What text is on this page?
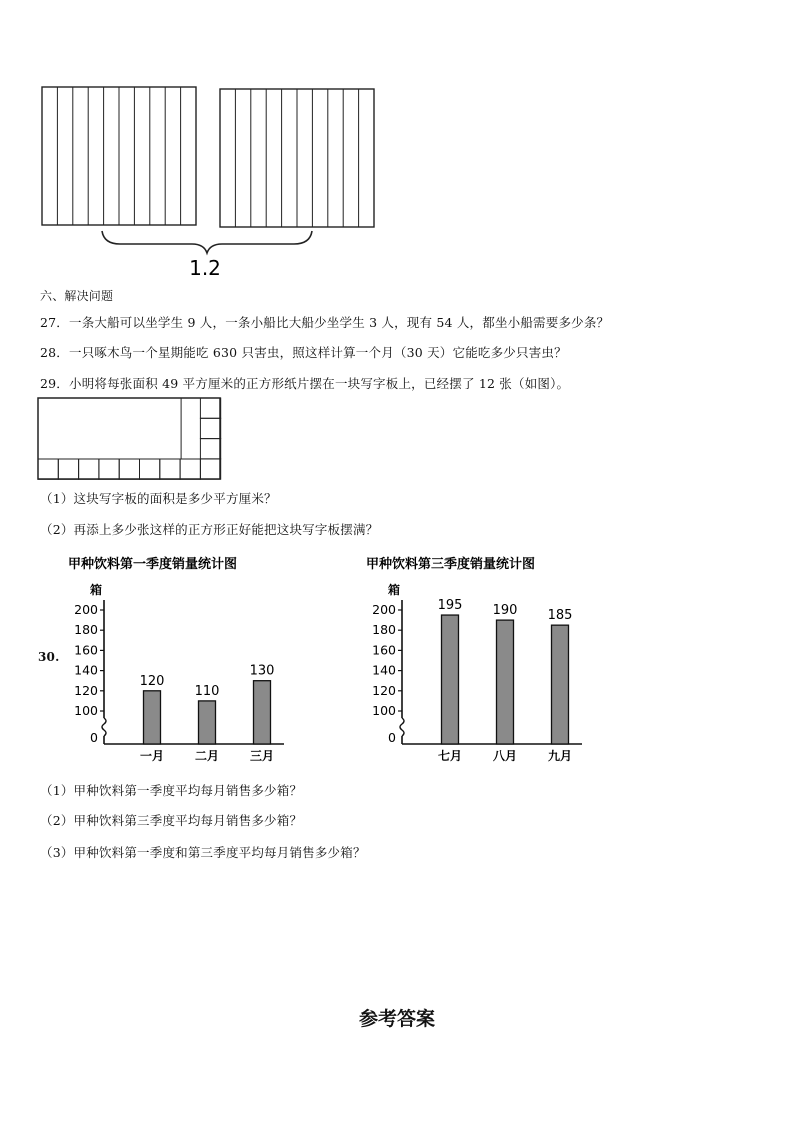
1.2
六、解决问题
27．一条大船可以坐学生 9 人，一条小船比大船少坐学生 3 人，现有 54 人，都坐小船需要多少条？
28．一只啄木鸟一个星期能吃 630 只害虫，照这样计算一个月（30 天）它能吃多少只害虫？
29．小明将每张面积 49 平方厘米的正方形纸片摆在一块写字板上，已经摆了 12 张（如图）。
（1）这块写字板的面积是多少平方厘米？
（2）再添上多少张这样的正方形正好能把这块写字板摆满？
30.
甲种饮料第一季度销量统计图
箱
0
100
120
140
160
180
200
120
一月
110
二月
130
三月
甲种饮料第三季度销量统计图
箱
0
100
120
140
160
180
200	195
七月
190
八月
185
九月
（1）甲种饮料第一季度平均每月销售多少箱？
（2）甲种饮料第三季度平均每月销售多少箱？
（3）甲种饮料第一季度和第三季度平均每月销售多少箱？
参考答案
